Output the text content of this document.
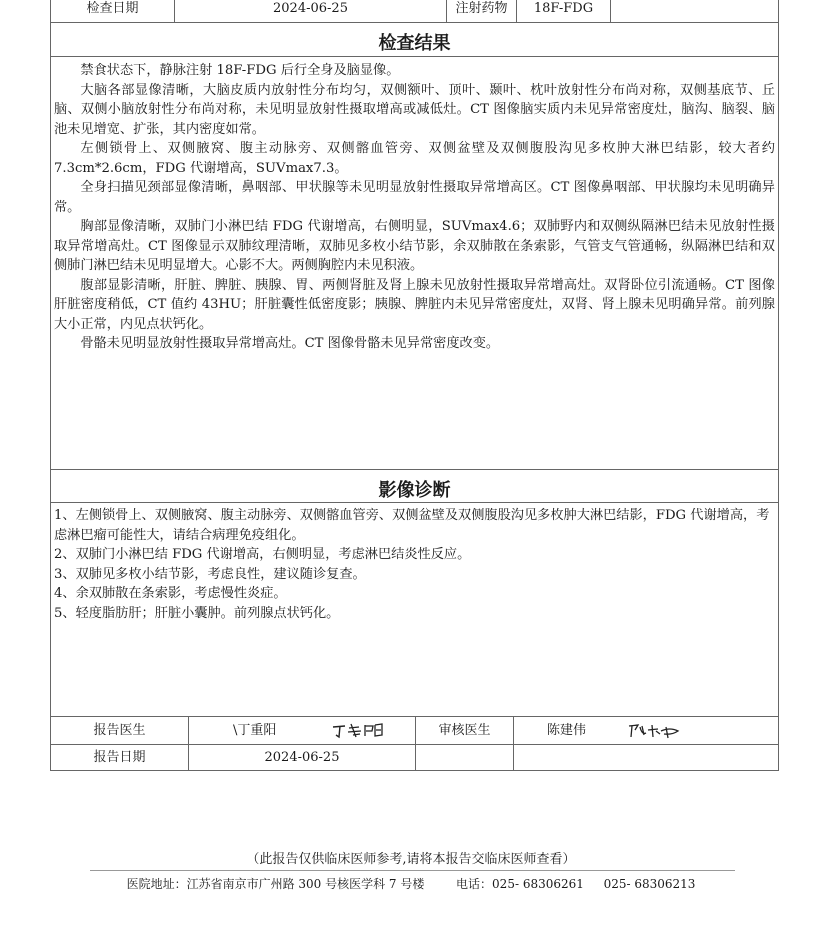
检查日期	2024-06-25	注射药物	18F-FDG
检查结果

禁食状态下，静脉注射 18F-FDG 后行全身及脑显像。

大脑各部显像清晰，大脑皮质内放射性分布均匀，双侧额叶、顶叶、颞叶、枕叶放射性分布尚对称，双侧基底节、丘脑、双侧小脑放射性分布尚对称，未见明显放射性摄取增高或减低灶。CT 图像脑实质内未见异常密度灶，脑沟、脑裂、脑池未见增宽、扩张，其内密度如常。

左侧锁骨上、双侧腋窝、腹主动脉旁、双侧髂血管旁、双侧盆壁及双侧腹股沟见多枚肿大淋巴结影，较大者约 7.3cm*2.6cm，FDG 代谢增高，SUVmax7.3。

全身扫描见颈部显像清晰，鼻咽部、甲状腺等未见明显放射性摄取异常增高区。CT 图像鼻咽部、甲状腺均未见明确异常。

胸部显像清晰，双肺门小淋巴结 FDG 代谢增高，右侧明显，SUVmax4.6；双肺野内和双侧纵隔淋巴结未见放射性摄取异常增高灶。CT 图像显示双肺纹理清晰，双肺见多枚小结节影，余双肺散在条索影，气管支气管通畅，纵隔淋巴结和双侧肺门淋巴结未见明显增大。心影不大。两侧胸腔内未见积液。

腹部显影清晰，肝脏、脾脏、胰腺、胃、两侧肾脏及肾上腺未见放射性摄取异常增高灶。双肾卧位引流通畅。CT 图像肝脏密度稍低，CT 值约 43HU；肝脏囊性低密度影；胰腺、脾脏内未见异常密度灶，双肾、肾上腺未见明确异常。前列腺大小正常，内见点状钙化。

骨骼未见明显放射性摄取异常增高灶。CT 图像骨骼未见异常密度改变。

影像诊断

1、左侧锁骨上、双侧腋窝、腹主动脉旁、双侧髂血管旁、双侧盆壁及双侧腹股沟见多枚肿大淋巴结影，FDG 代谢增高，考虑淋巴瘤可能性大，请结合病理免疫组化。

2、双肺门小淋巴结 FDG 代谢增高，右侧明显，考虑淋巴结炎性反应。

3、双肺见多枚小结节影，考虑良性，建议随诊复查。

4、余双肺散在条索影，考虑慢性炎症。

5、轻度脂肪肝；肝脏小囊肿。前列腺点状钙化。

报告医生	\丁重阳	审核医生	陈建伟
报告日期	2024-06-25
（此报告仅供临床医师参考,请将本报告交临床医师查看）
医院地址：江苏省南京市广州路 300 号核医学科 7 号楼	电话：025- 68306261 025- 68306213
